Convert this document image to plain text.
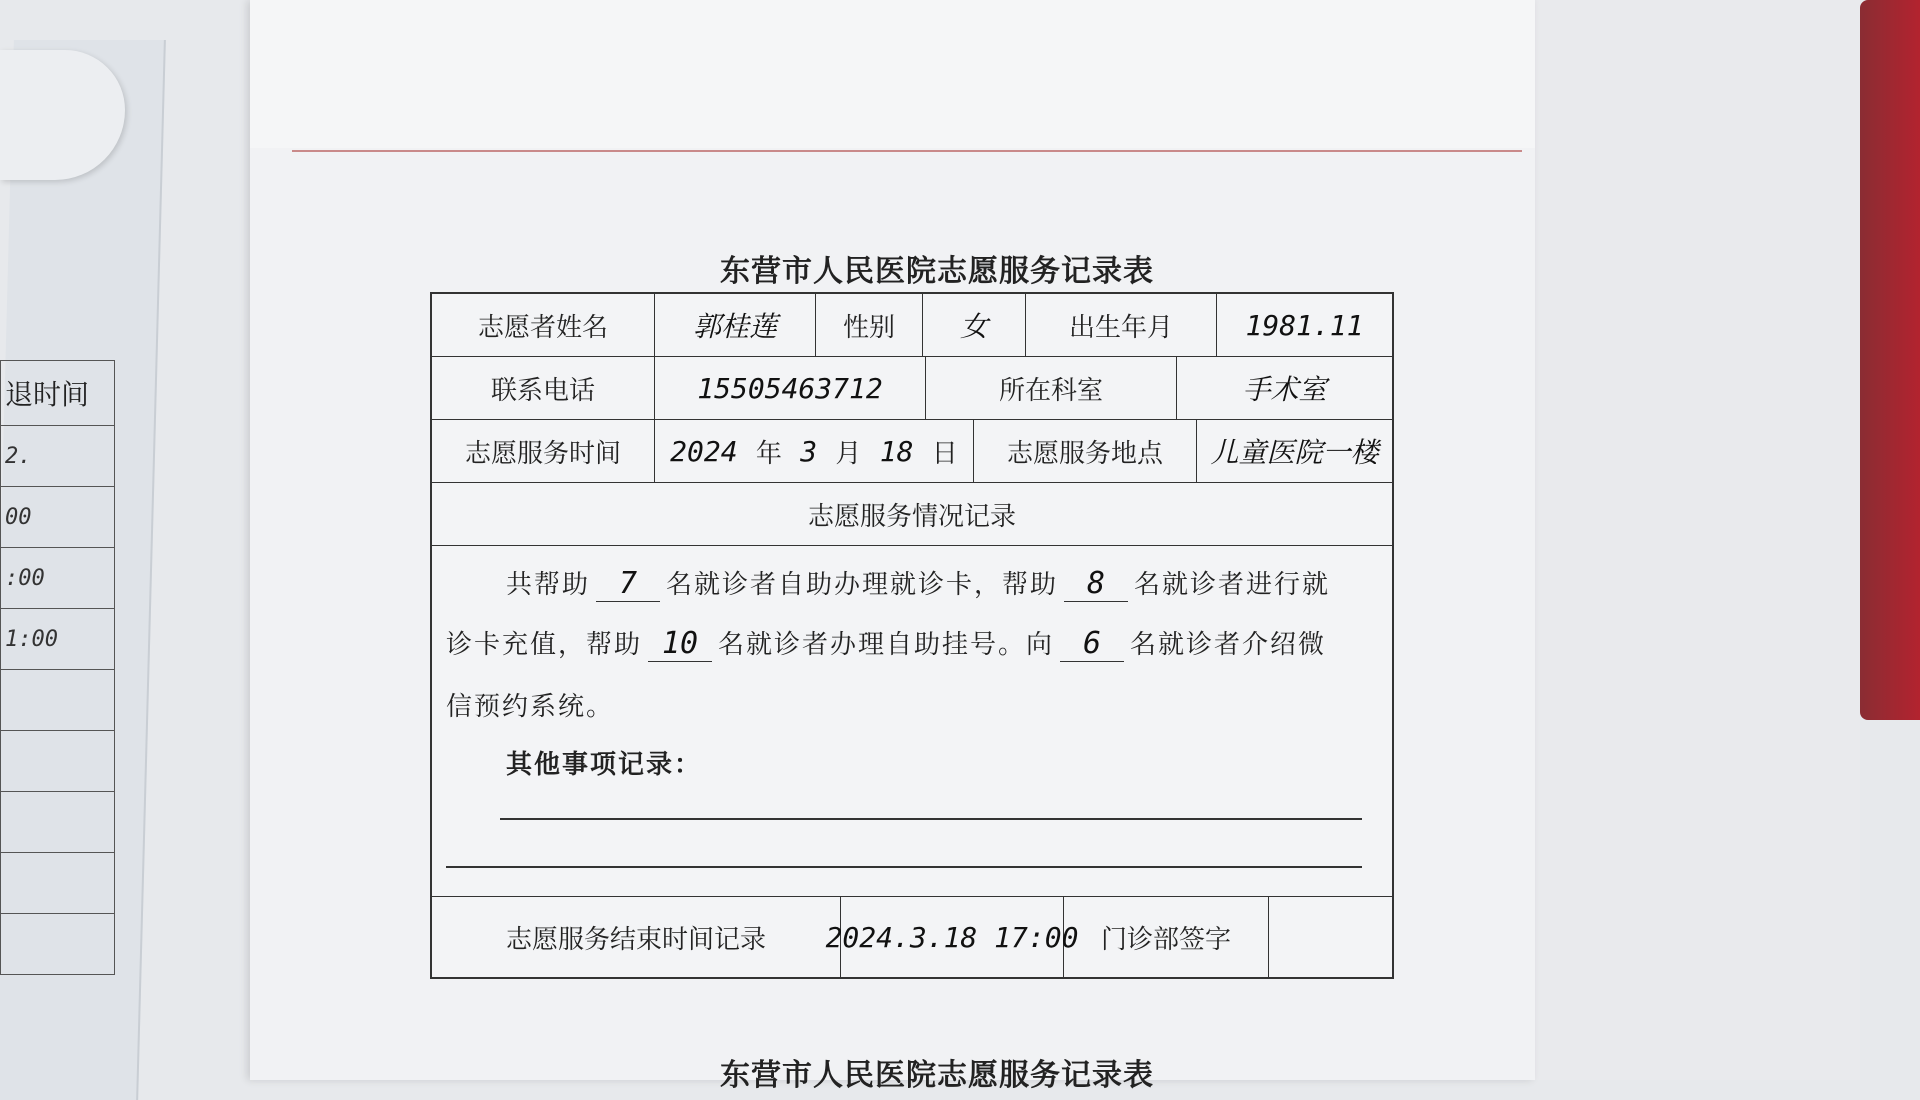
退时间
2.
00
:00
1:00

东营市人民医院志愿服务记录表
志愿者姓名	郭桂莲	性别	女	出生年月	1981.11
联系电话	15505463712	所在科室	手术室
志愿服务时间	2024 年 3 月 18 日	志愿服务地点	儿童医院一楼
志愿服务情况记录
共帮助 7 名就诊者自助办理就诊卡，帮助 8 名就诊者进行就
诊卡充值，帮助 10 名就诊者办理自助挂号。向 6 名就诊者介绍微
信预约系统。
其他事项记录：
志愿服务结束时间记录	2024.3.18 17:00 门诊部签字
东营市人民医院志愿服务记录表
